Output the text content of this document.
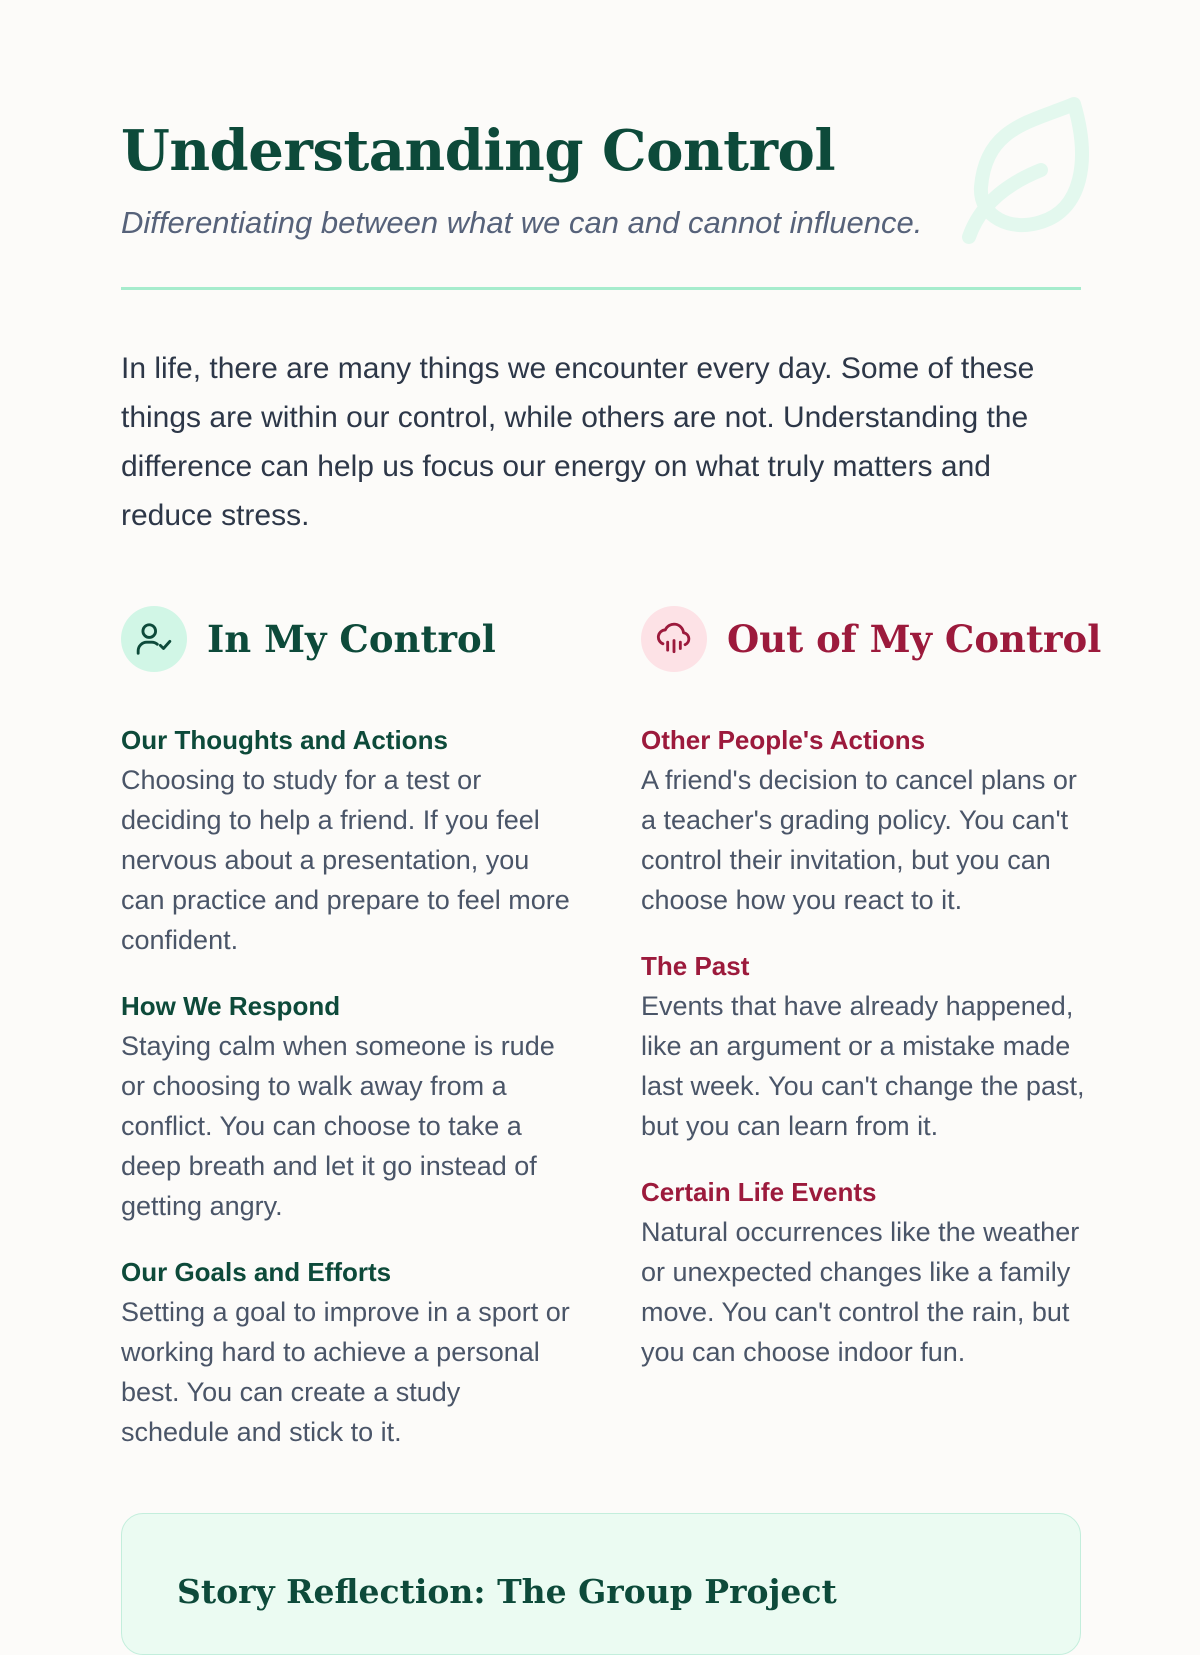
Understanding Control

Differentiating between what we can and cannot influence.

In life, there are many things we encounter every day. Some of these things are within our control, while others are not. Understanding the difference can help us focus our energy on what truly matters and reduce stress.

In My Control
Our Thoughts and Actions

Choosing to study for a test or deciding to help a friend. If you feel nervous about a presentation, you can practice and prepare to feel more confident.

How We Respond

Staying calm when someone is rude or choosing to walk away from a conflict. You can choose to take a deep breath and let it go instead of getting angry.

Our Goals and Efforts

Setting a goal to improve in a sport or working hard to achieve a personal best. You can create a study schedule and stick to it.

Out of My Control
Other People's Actions

A friend's decision to cancel plans or a teacher's grading policy. You can't control their invitation, but you can choose how you react to it.

The Past

Events that have already happened, like an argument or a mistake made last week. You can't change the past, but you can learn from it.

Certain Life Events

Natural occurrences like the weather or unexpected changes like a family move. You can't control the rain, but you can choose indoor fun.

Story Reflection: The Group Project
